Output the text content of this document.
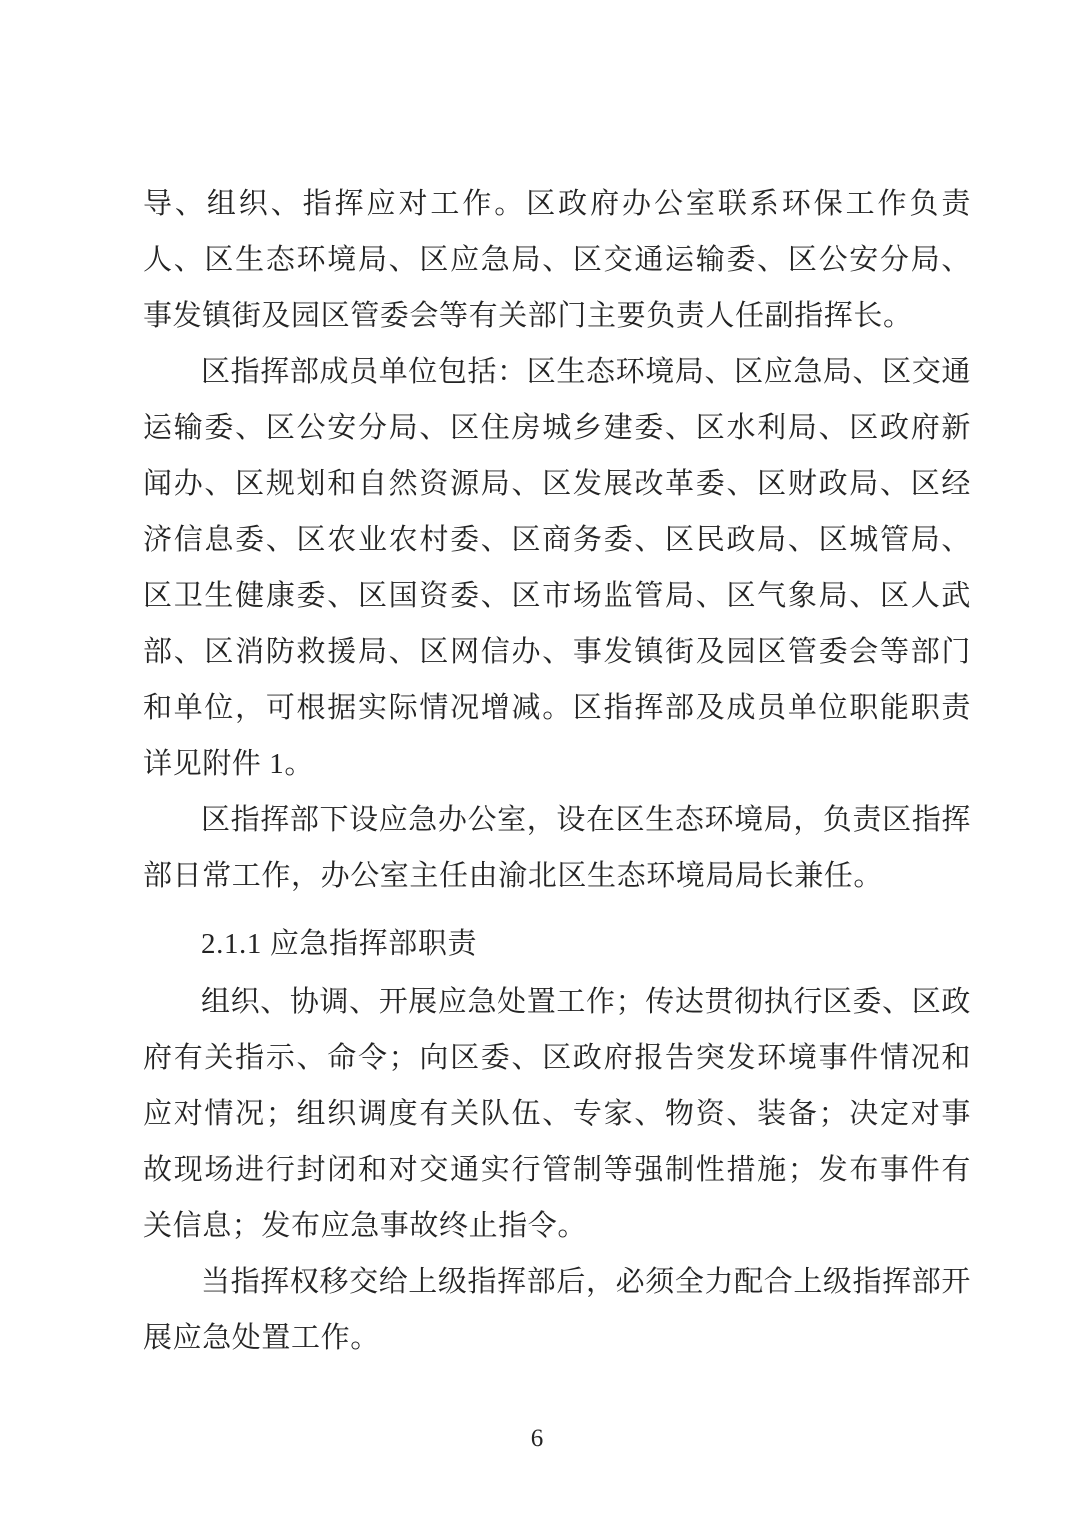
导、组织、指挥应对工作。区政府办公室联系环保工作负责人、区生态环境局、区应急局、区交通运输委、区公安分局、事发镇街及园区管委会等有关部门主要负责人任副指挥长。

区指挥部成员单位包括：区生态环境局、区应急局、区交通运输委、区公安分局、区住房城乡建委、区水利局、区政府新闻办、区规划和自然资源局、区发展改革委、区财政局、区经济信息委、区农业农村委、区商务委、区民政局、区城管局、区卫生健康委、区国资委、区市场监管局、区气象局、区人武部、区消防救援局、区网信办、事发镇街及园区管委会等部门和单位，可根据实际情况增减。区指挥部及成员单位职能职责详见附件 1。

区指挥部下设应急办公室，设在区生态环境局，负责区指挥部日常工作，办公室主任由渝北区生态环境局局长兼任。

2.1.1 应急指挥部职责

组织、协调、开展应急处置工作；传达贯彻执行区委、区政府有关指示、命令；向区委、区政府报告突发环境事件情况和应对情况；组织调度有关队伍、专家、物资、装备；决定对事故现场进行封闭和对交通实行管制等强制性措施；发布事件有关信息；发布应急事故终止指令。

当指挥权移交给上级指挥部后，必须全力配合上级指挥部开展应急处置工作。

6
